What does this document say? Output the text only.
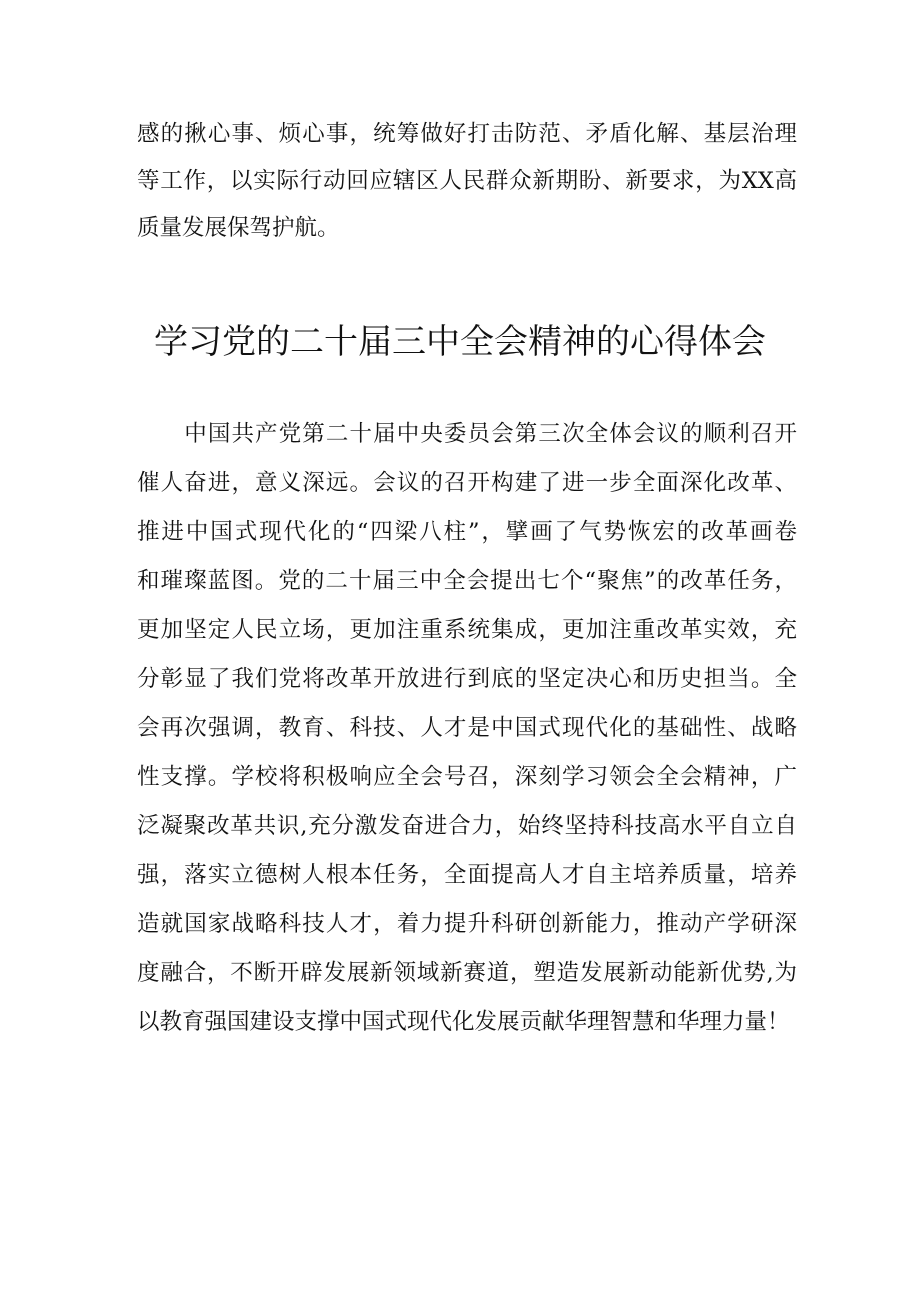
感的揪心事、烦心事，统筹做好打击防范、矛盾化解、基层治理
等工作，以实际行动回应辖区人民群众新期盼、新要求，为XX高
质量发展保驾护航。
学习党的二十届三中全会精神的心得体会
　　中国共产党第二十届中央委员会第三次全体会议的顺利召开
催人奋进，意义深远。会议的召开构建了进一步全面深化改革、
推进中国式现代化的“四梁八柱”，擘画了气势恢宏的改革画卷
和璀璨蓝图。党的二十届三中全会提出七个“聚焦”的改革任务，
更加坚定人民立场，更加注重系统集成，更加注重改革实效，充
分彰显了我们党将改革开放进行到底的坚定决心和历史担当。全
会再次强调，教育、科技、人才是中国式现代化的基础性、战略
性支撑。学校将积极响应全会号召，深刻学习领会全会精神，广
泛凝聚改革共识,充分激发奋进合力，始终坚持科技高水平自立自
强，落实立德树人根本任务，全面提高人才自主培养质量，培养
造就国家战略科技人才，着力提升科研创新能力，推动产学研深
度融合，不断开辟发展新领域新赛道，塑造发展新动能新优势,为
以教育强国建设支撑中国式现代化发展贡献华理智慧和华理力量！
